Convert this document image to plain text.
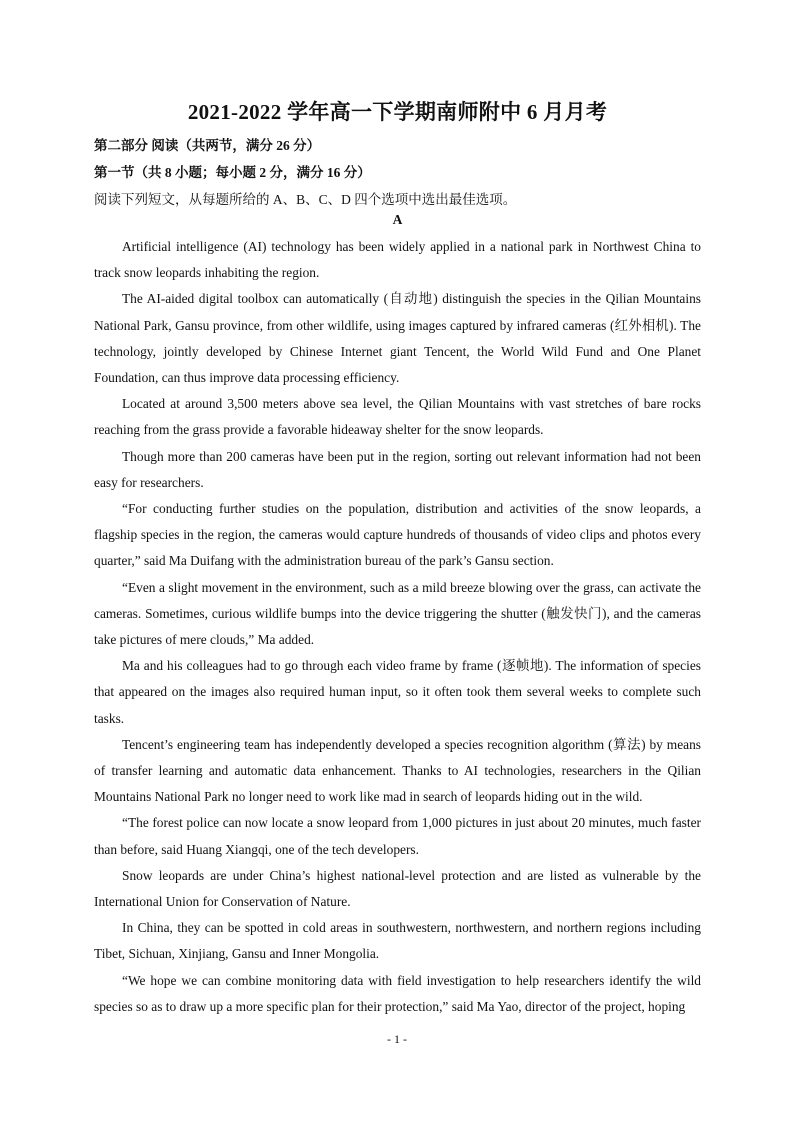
2021-2022 学年高一下学期南师附中 6 月月考
第二部分 阅读（共两节，满分 26 分）
第一节（共 8 小题；每小题 2 分，满分 16 分）
阅读下列短文，从每题所给的 A、B、C、D 四个选项中选出最佳选项。
A

Artificial intelligence (AI) technology has been widely applied in a national park in Northwest China to track snow leopards inhabiting the region.

The AI-aided digital toolbox can automatically (自动地) distinguish the species in the Qilian Mountains National Park, Gansu province, from other wildlife, using images captured by infrared cameras (红外相机). The technology, jointly developed by Chinese Internet giant Tencent, the World Wild Fund and One Planet Foundation, can thus improve data processing efficiency.

Located at around 3,500 meters above sea level, the Qilian Mountains with vast stretches of bare rocks reaching from the grass provide a favorable hideaway shelter for the snow leopards.

Though more than 200 cameras have been put in the region, sorting out relevant information had not been easy for researchers.

“For conducting further studies on the population, distribution and activities of the snow leopards, a flagship species in the region, the cameras would capture hundreds of thousands of video clips and photos every quarter,” said Ma Duifang with the administration bureau of the park’s Gansu section.

“Even a slight movement in the environment, such as a mild breeze blowing over the grass, can activate the cameras. Sometimes, curious wildlife bumps into the device triggering the shutter (触发快门), and the cameras take pictures of mere clouds,” Ma added.

Ma and his colleagues had to go through each video frame by frame (逐帧地). The information of species that appeared on the images also required human input, so it often took them several weeks to complete such tasks.

Tencent’s engineering team has independently developed a species recognition algorithm (算法) by means of transfer learning and automatic data enhancement. Thanks to AI technologies, researchers in the Qilian Mountains National Park no longer need to work like mad in search of leopards hiding out in the wild.

“The forest police can now locate a snow leopard from 1,000 pictures in just about 20 minutes, much faster than before, said Huang Xiangqi, one of the tech developers.

Snow leopards are under China’s highest national-level protection and are listed as vulnerable by the International Union for Conservation of Nature.

In China, they can be spotted in cold areas in southwestern, northwestern, and northern regions including Tibet, Sichuan, Xinjiang, Gansu and Inner Mongolia.

“We hope we can combine monitoring data with field investigation to help researchers identify the wild species so as to draw up a more specific plan for their protection,” said Ma Yao, director of the project, hoping

- 1 -
